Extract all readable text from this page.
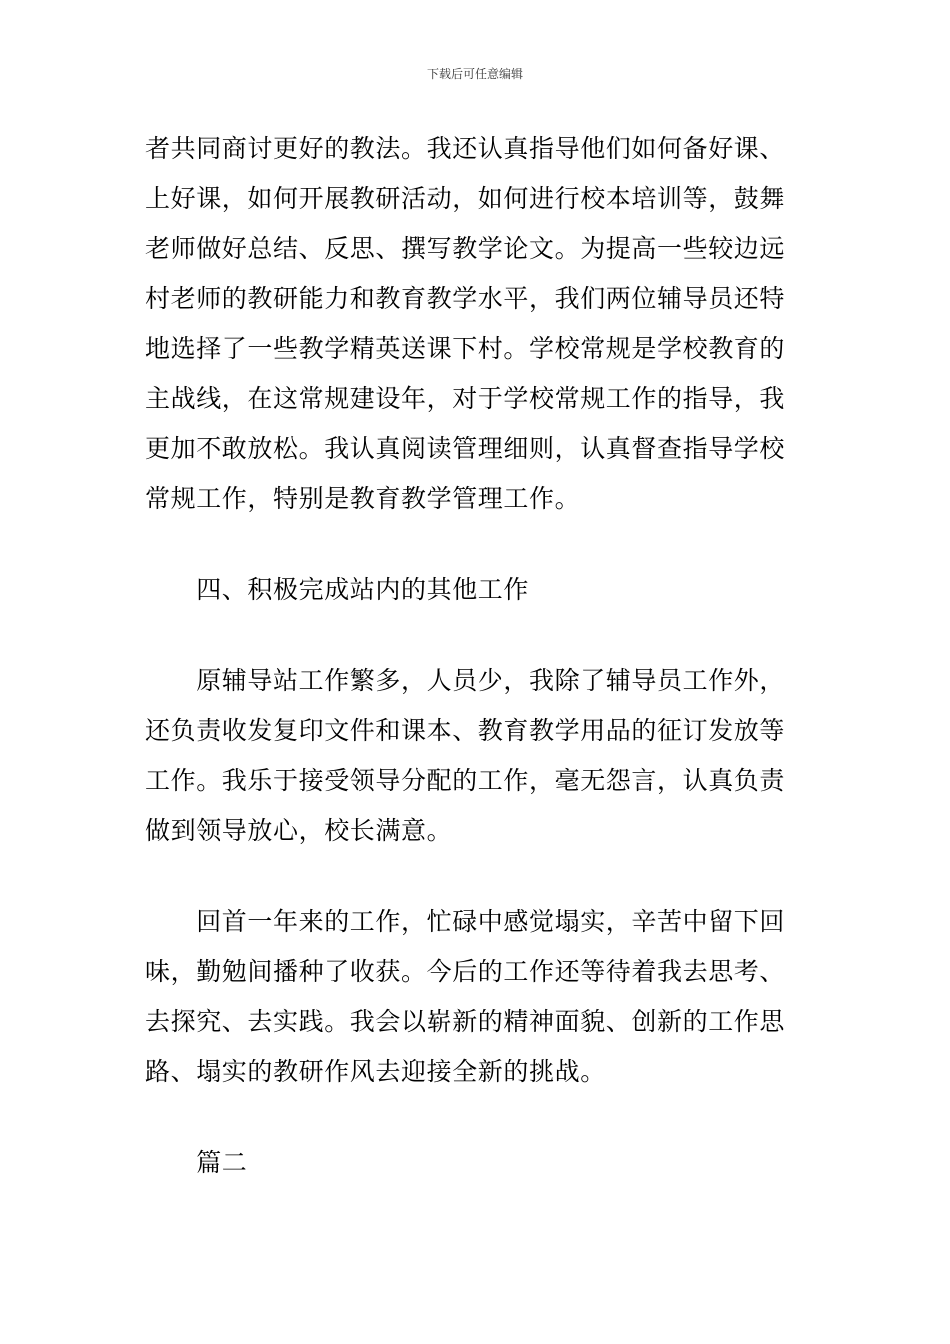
下载后可任意编辑
者共同商讨更好的教法。我还认真指导他们如何备好课、
上好课，如何开展教研活动，如何进行校本培训等，鼓舞
老师做好总结、反思、撰写教学论文。为提高一些较边远
村老师的教研能力和教育教学水平，我们两位辅导员还特
地选择了一些教学精英送课下村。学校常规是学校教育的
主战线，在这常规建设年，对于学校常规工作的指导，我
更加不敢放松。我认真阅读管理细则，认真督查指导学校
常规工作，特别是教育教学管理工作。
　　四、积极完成站内的其他工作
　　原辅导站工作繁多，人员少，我除了辅导员工作外，
还负责收发复印文件和课本、教育教学用品的征订发放等
工作。我乐于接受领导分配的工作，毫无怨言，认真负责
做到领导放心，校长满意。
　　回首一年来的工作，忙碌中感觉塌实，辛苦中留下回
味，勤勉间播种了收获。今后的工作还等待着我去思考、
去探究、去实践。我会以崭新的精神面貌、创新的工作思
路、塌实的教研作风去迎接全新的挑战。
　　篇二
